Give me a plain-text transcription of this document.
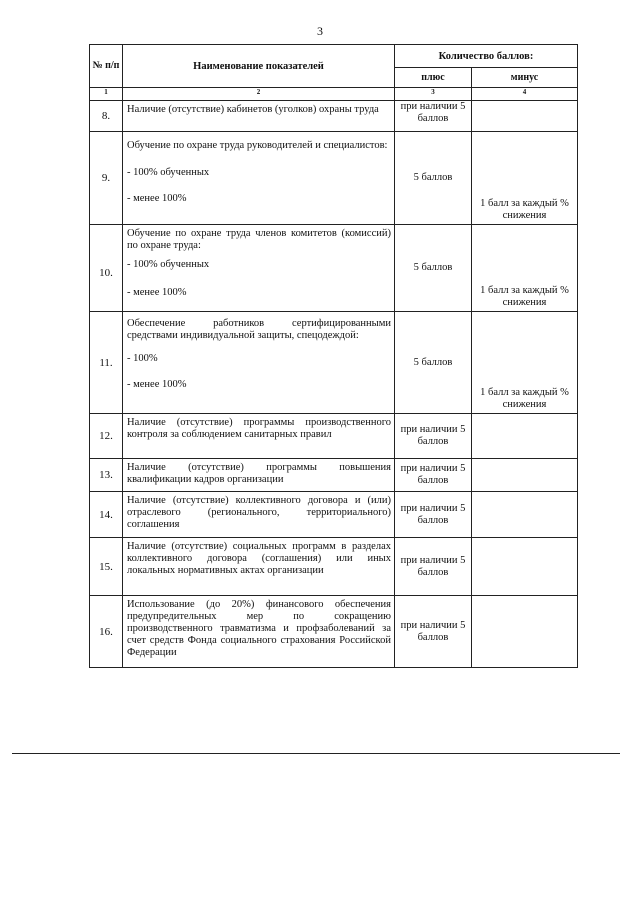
3
№ п/п	Наименование показателей	Количество баллов:	
		плюс	минус
1	2	3	4
8.	Наличие (отсутствие) кабинетов (уголков) охраны труда	при наличии 5 баллов	
9.	Обучение по охране труда руководителей и специалистов:
- 100% обученных
- менее 100%	5 баллов	1 балл за каждый % снижения
10.	Обучение по охране труда членов комитетов (комиссий) по охране труда:
- 100% обученных
- менее 100%	5 баллов	1 балл за каждый % снижения
11.	Обеспечение работников сертифицированными средствами индивидуальной защиты, спецодеждой:
- 100%
- менее 100%	5 баллов	1 балл за каждый % снижения
12.	Наличие (отсутствие) программы производственного контроля за соблюдением санитарных правил	при наличии 5 баллов	
13.	Наличие (отсутствие) программы повышения квалификации кадров организации	при наличии 5 баллов	
14.	Наличие (отсутствие) коллективного договора и (или) отраслевого (регионального, территориального) соглашения	при наличии 5 баллов	
15.	Наличие (отсутствие) социальных программ в разделах коллективного договора (соглашения) или иных локальных нормативных актах организации	при наличии 5 баллов	
16.	Использование (до 20%) финансового обеспечения предупредительных мер по сокращению производственного травматизма и профзаболеваний за счет средств Фонда социального страхования Российской Федерации	при наличии 5 баллов	
